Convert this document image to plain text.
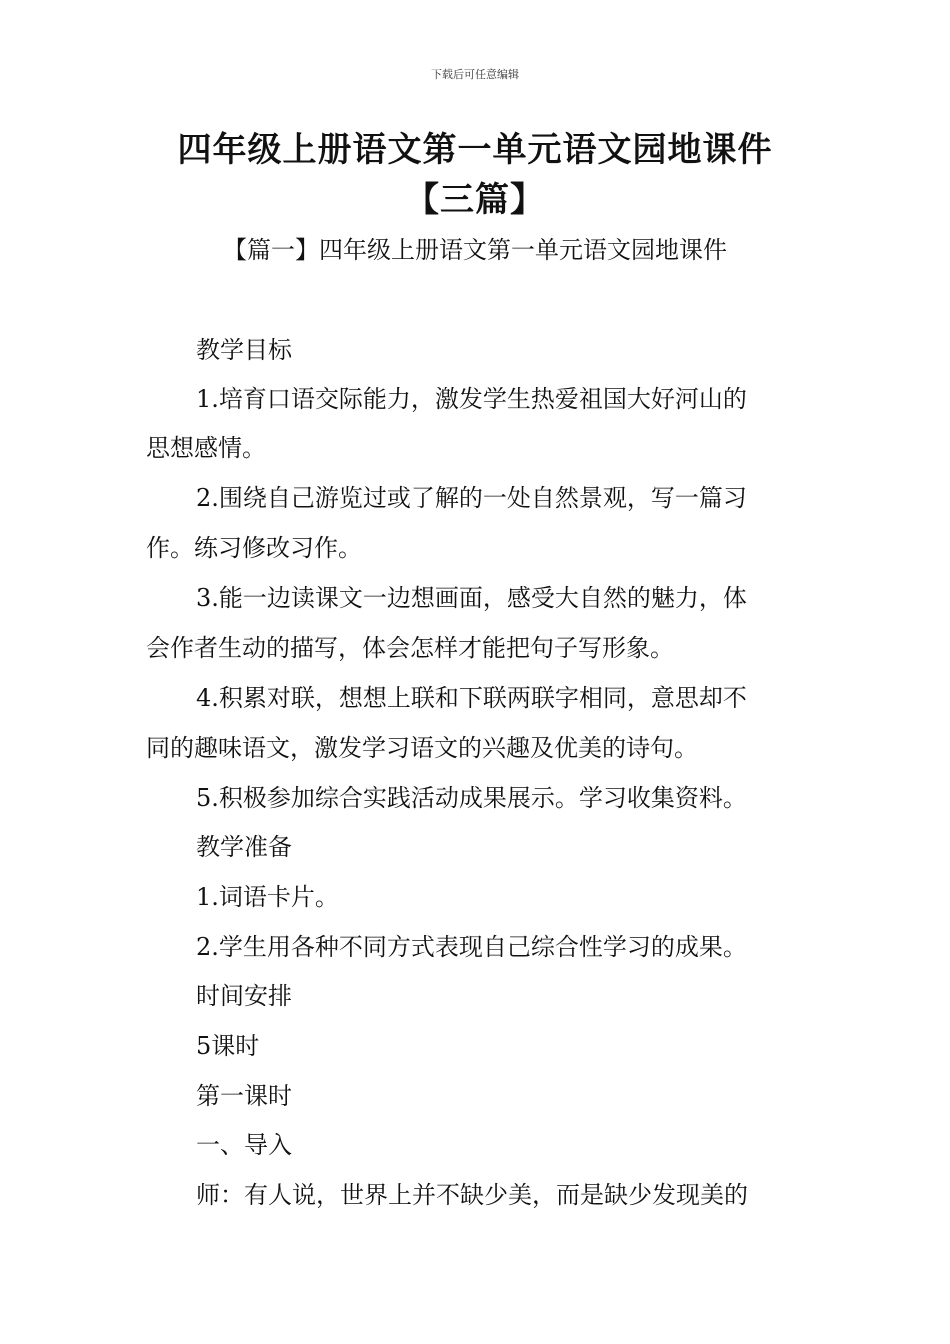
下载后可任意编辑
四年级上册语文第一单元语文园地课件
【三篇】
【篇一】四年级上册语文第一单元语文园地课件
教学目标
1.培育口语交际能力，激发学生热爱祖国大好河山的
思想感情。
2.围绕自己游览过或了解的一处自然景观，写一篇习
作。练习修改习作。
3.能一边读课文一边想画面，感受大自然的魅力，体
会作者生动的描写，体会怎样才能把句子写形象。
4.积累对联，想想上联和下联两联字相同，意思却不
同的趣味语文，激发学习语文的兴趣及优美的诗句。
5.积极参加综合实践活动成果展示。学习收集资料。
教学准备
1.词语卡片。
2.学生用各种不同方式表现自己综合性学习的成果。
时间安排
5课时
第一课时
一、导入
师：有人说，世界上并不缺少美，而是缺少发现美的
